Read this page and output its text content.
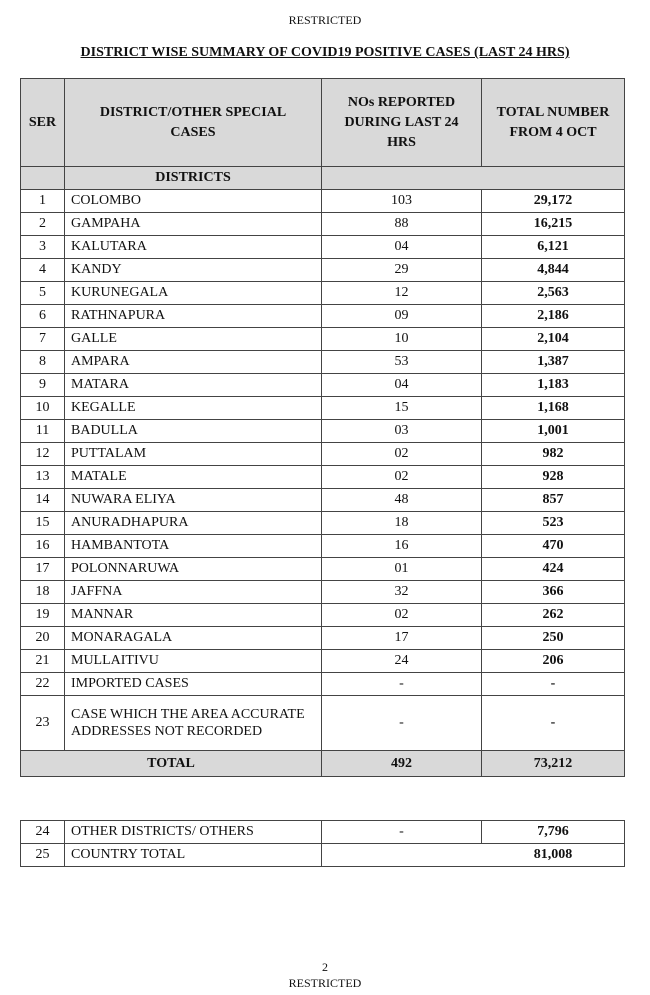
RESTRICTED
DISTRICT WISE SUMMARY OF COVID19 POSITIVE CASES (LAST 24 HRS)
SER	DISTRICT/OTHER SPECIAL CASES	NOs REPORTED DURING LAST 24 HRS	TOTAL NUMBER FROM 4 OCT
	DISTRICTS		
1	COLOMBO	103	29,172
2	GAMPAHA	88	16,215
3	KALUTARA	04	6,121
4	KANDY	29	4,844
5	KURUNEGALA	12	2,563
6	RATHNAPURA	09	2,186
7	GALLE	10	2,104
8	AMPARA	53	1,387
9	MATARA	04	1,183
10	KEGALLE	15	1,168
11	BADULLA	03	1,001
12	PUTTALAM	02	982
13	MATALE	02	928
14	NUWARA ELIYA	48	857
15	ANURADHAPURA	18	523
16	HAMBANTOTA	16	470
17	POLONNARUWA	01	424
18	JAFFNA	32	366
19	MANNAR	02	262
20	MONARAGALA	17	250
21	MULLAITIVU	24	206
22	IMPORTED CASES	-	-
23	CASE WHICH THE AREA ACCURATE ADDRESSES NOT RECORDED	-	-
TOTAL		492	73,212
24	OTHER DISTRICTS/ OTHERS	-	7,796
25	COUNTRY TOTAL	81,008	
2
RESTRICTED
